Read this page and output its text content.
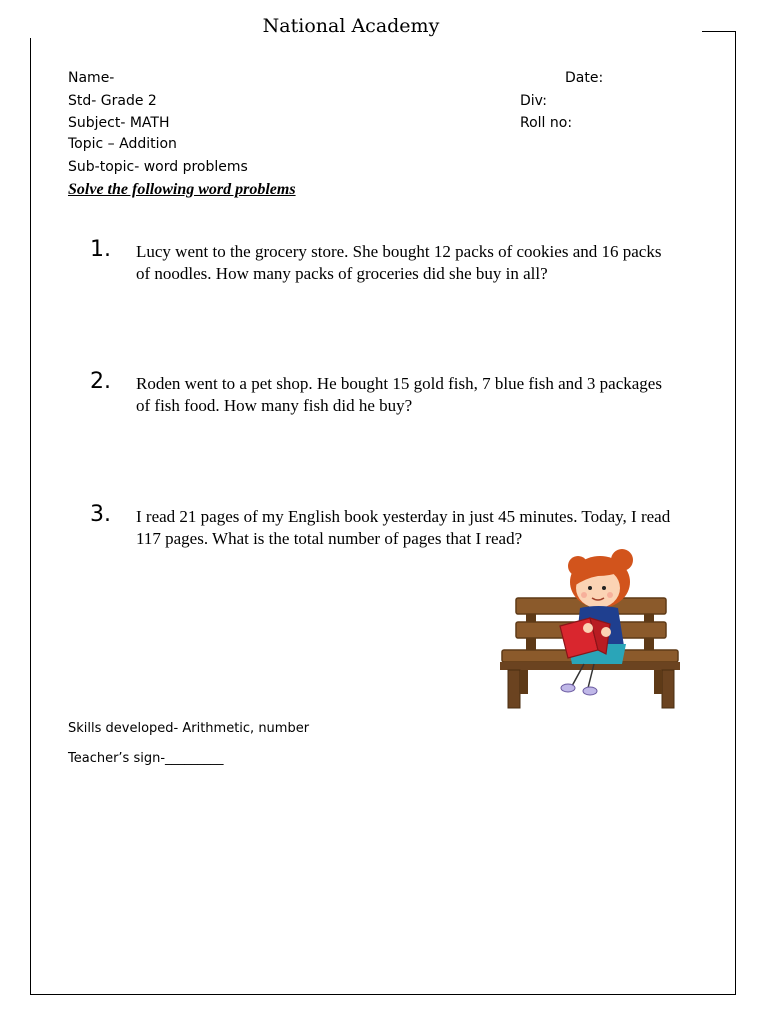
National Academy
Name-	Date:
Std- Grade 2	Div:
Subject- MATH	Roll no:
Topic – Addition
Sub-topic- word problems
Solve the following word problems
1. Lucy went to the grocery store. She bought 12 packs of cookies and 16 packs of noodles. How many packs of groceries did she buy in all?
2. Roden went to a pet shop. He bought 15 gold fish, 7 blue fish and 3 packages of fish food. How many fish did he buy?
3. I read 21 pages of my English book yesterday in just 45 minutes. Today, I read 117 pages. What is the total number of pages that I read?
Skills developed- Arithmetic, number
Teacher’s sign-_________
